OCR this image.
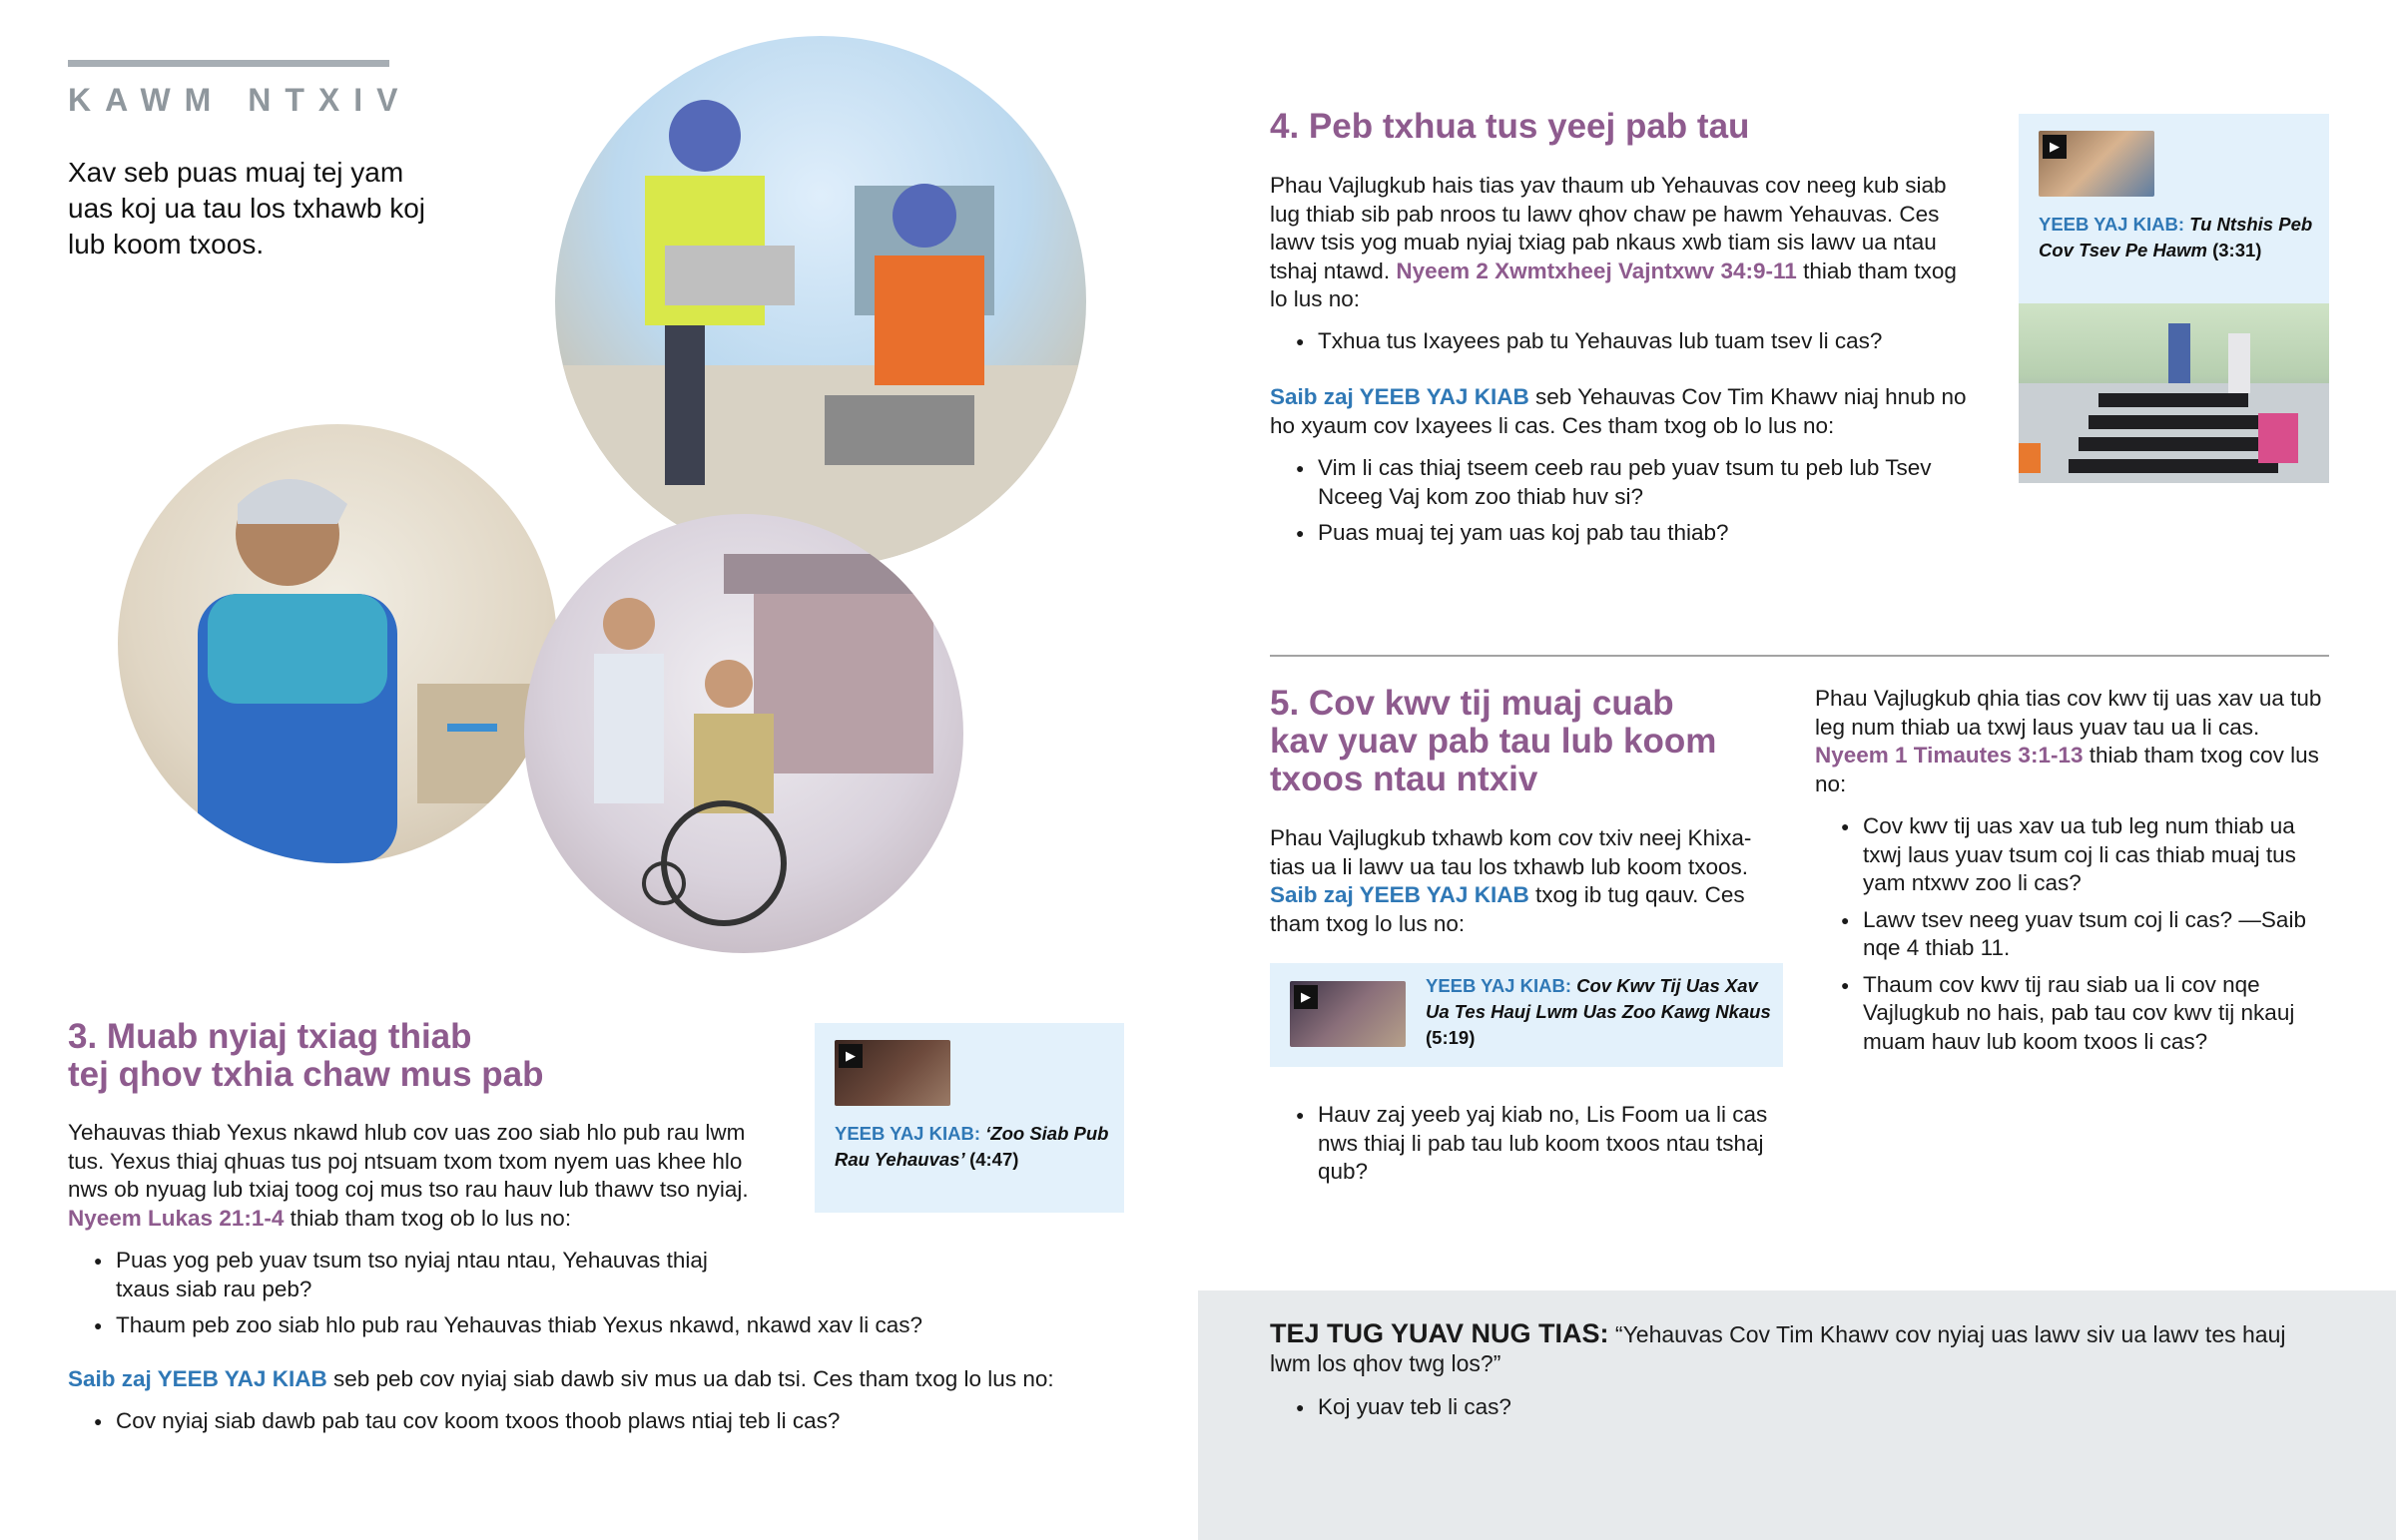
KAWM NTXIV
Xav seb puas muaj tej yam uas koj ua tau los txhawb koj lub koom txoos.
3. Muab nyiaj txiag thiab
tej qhov txhia chaw mus pab	▶
YEEB YAJ KIAB: ‘Zoo Siab Pub Rau Yehauvas’ (4:47)
Yehauvas thiab Yexus nkawd hlub cov uas zoo siab hlo pub rau lwm tus. Yexus thiaj qhuas tus poj ntsuam txom txom nyem uas khee hlo nws ob nyuag lub txiaj toog coj mus tso rau hauv lub thawv tso nyiaj. Nyeem Lukas 21:1-4 thiab tham txog ob lo lus no:
● Puas yog peb yuav tsum tso nyiaj ntau ntau, Yehauvas thiaj txaus siab rau peb?
● Thaum peb zoo siab hlo pub rau Yehauvas thiab Yexus nkawd, nkawd xav li cas?
Saib zaj YEEB YAJ KIAB seb peb cov nyiaj siab dawb siv mus ua dab tsi. Ces tham txog lo lus no:
● Cov nyiaj siab dawb pab tau cov koom txoos thoob plaws ntiaj teb li cas?
4. Peb txhua tus yeej pab tau
Phau Vajlugkub hais tias yav thaum ub Yehauvas cov neeg kub siab lug thiab sib pab nroos tu lawv qhov chaw pe hawm Yehauvas. Ces lawv tsis yog muab nyiaj txiag pab nkaus xwb tiam sis lawv ua ntau tshaj ntawd. Nyeem 2 Xwmtxheej Vajntxwv 34:9-11 thiab tham txog lo lus no:
● Txhua tus Ixayees pab tu Yehauvas lub tuam tsev li cas?
Saib zaj YEEB YAJ KIAB seb Yehauvas Cov Tim Khawv niaj hnub no ho xyaum cov Ixayees li cas. Ces tham txog ob lo lus no:
● Vim li cas thiaj tseem ceeb rau peb yuav tsum tu peb lub Tsev Nceeg Vaj kom zoo thiab huv si?
● Puas muaj tej yam uas koj pab tau thiab?
▶
YEEB YAJ KIAB: Tu Ntshis Peb Cov Tsev Pe Hawm (3:31)
5. Cov kwv tij muaj cuab
kav yuav pab tau lub koom
txoos ntau ntxiv
Phau Vajlugkub txhawb kom cov txiv neej Khixa-tias ua li lawv ua tau los txhawb lub koom txoos. Saib zaj YEEB YAJ KIAB txog ib tug qauv. Ces tham txog lo lus no:
▶
YEEB YAJ KIAB: Cov Kwv Tij Uas Xav Ua Tes Hauj Lwm Uas Zoo Kawg Nkaus (5:19)
● Hauv zaj yeeb yaj kiab no, Lis Foom ua li cas nws thiaj li pab tau lub koom txoos ntau tshaj qub?
Phau Vajlugkub qhia tias cov kwv tij uas xav ua tub leg num thiab ua txwj laus yuav tau ua li cas. Nyeem 1 Timautes 3:1-13 thiab tham txog cov lus no:
● Cov kwv tij uas xav ua tub leg num thiab ua txwj laus yuav tsum coj li cas thiab muaj tus yam ntxwv zoo li cas?
● Lawv tsev neeg yuav tsum coj li cas? —Saib nqe 4 thiab 11.
● Thaum cov kwv tij rau siab ua li cov nqe Vajlugkub no hais, pab tau cov kwv tij nkauj muam hauv lub koom txoos li cas?
TEJ TUG YUAV NUG TIAS: “Yehauvas Cov Tim Khawv cov nyiaj uas lawv siv ua lawv tes hauj lwm los qhov twg los?”
● Koj yuav teb li cas?
